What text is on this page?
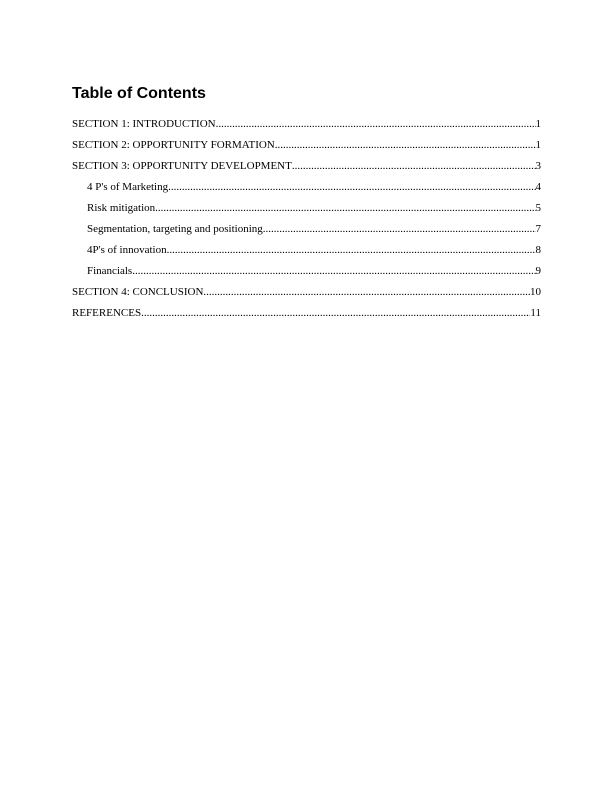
Table of Contents
SECTION 1: INTRODUCTION .....	1
SECTION 2: OPPORTUNITY FORMATION .....	1
SECTION 3: OPPORTUNITY DEVELOPMENT .....	3
4 P's of Marketing .....	4
Risk mitigation .....	5
Segmentation, targeting and positioning .....	7
4P's of innovation .....	8
Financials .....	9
SECTION 4: CONCLUSION .....	10
REFERENCES .....	11
